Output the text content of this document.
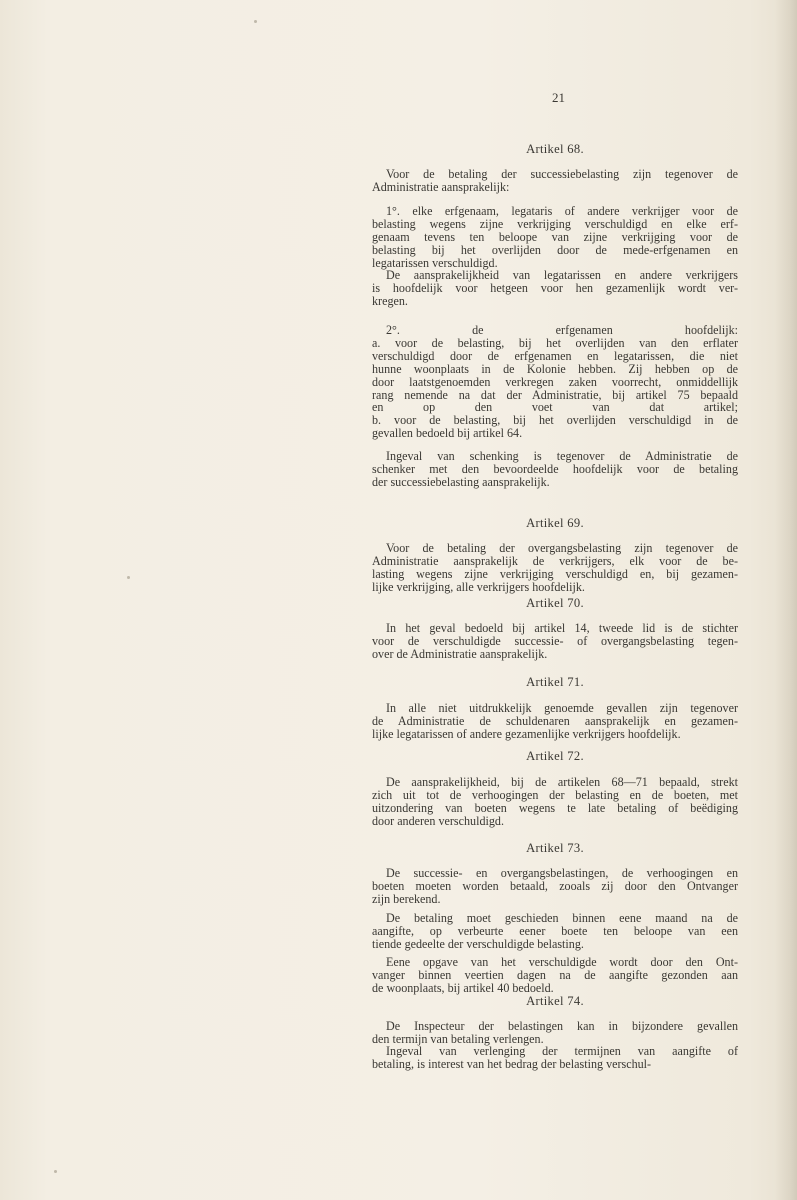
21
Artikel 68.
Voor de betaling der successiebelasting zijn tegenover de
Administratie aansprakelijk:
1°. elke erfgenaam, legataris of andere verkrijger voor de
belasting wegens zijne verkrijging verschuldigd en elke erf-
genaam tevens ten beloope van zijne verkrijging voor de
belasting bij het overlijden door de mede-erfgenamen en
legatarissen verschuldigd.
De aansprakelijkheid van legatarissen en andere verkrijgers
is hoofdelijk voor hetgeen voor hen gezamenlijk wordt ver-
kregen.
2°. de erfgenamen hoofdelijk:
a. voor de belasting, bij het overlijden van den erflater
verschuldigd door de erfgenamen en legatarissen, die niet
hunne woonplaats in de Kolonie hebben. Zij hebben op de
door laatstgenoemden verkregen zaken voorrecht, onmiddellijk
rang nemende na dat der Administratie, bij artikel 75 bepaald
en op den voet van dat artikel;
b. voor de belasting, bij het overlijden verschuldigd in de
gevallen bedoeld bij artikel 64.
Ingeval van schenking is tegenover de Administratie de
schenker met den bevoordeelde hoofdelijk voor de betaling
der successiebelasting aansprakelijk.
Artikel 69.
Voor de betaling der overgangsbelasting zijn tegenover de
Administratie aansprakelijk de verkrijgers, elk voor de be-
lasting wegens zijne verkrijging verschuldigd en, bij gezamen-
lijke verkrijging, alle verkrijgers hoofdelijk.
Artikel 70.
In het geval bedoeld bij artikel 14, tweede lid is de stichter
voor de verschuldigde successie- of overgangsbelasting tegen-
over de Administratie aansprakelijk.
Artikel 71.
In alle niet uitdrukkelijk genoemde gevallen zijn tegenover
de Administratie de schuldenaren aansprakelijk en gezamen-
lijke legatarissen of andere gezamenlijke verkrijgers hoofdelijk.
Artikel 72.
De aansprakelijkheid, bij de artikelen 68—71 bepaald, strekt
zich uit tot de verhoogingen der belasting en de boeten, met
uitzondering van boeten wegens te late betaling of beëdiging
door anderen verschuldigd.
Artikel 73.
De successie- en overgangsbelastingen, de verhoogingen en
boeten moeten worden betaald, zooals zij door den Ontvanger
zijn berekend.
De betaling moet geschieden binnen eene maand na de
aangifte, op verbeurte eener boete ten beloope van een
tiende gedeelte der verschuldigde belasting.
Eene opgave van het verschuldigde wordt door den Ont-
vanger binnen veertien dagen na de aangifte gezonden aan
de woonplaats, bij artikel 40 bedoeld.
Artikel 74.
De Inspecteur der belastingen kan in bijzondere gevallen
den termijn van betaling verlengen.
Ingeval van verlenging der termijnen van aangifte of
betaling, is interest van het bedrag der belasting verschul-
